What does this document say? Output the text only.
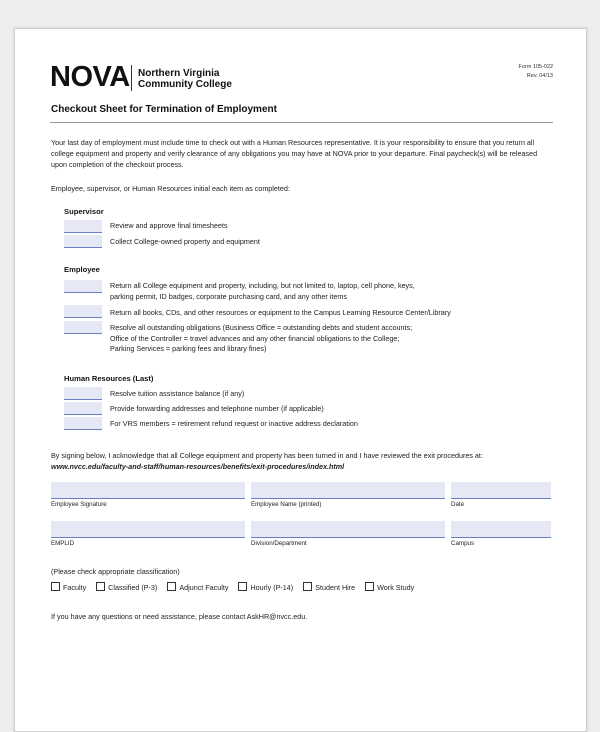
NOVA Northern Virginia
Community College
Form 105-022
Rev. 04/13
Checkout Sheet for Termination of Employment
Your last day of employment must include time to check out with a Human Resources representative. It is your responsibility to ensure that you return all college equipment and property and verify clearance of any obligations you may have at NOVA prior to your departure. Final paycheck(s) will be released upon completion of the checkout process.
Employee, supervisor, or Human Resources initial each item as completed:
Supervisor
Review and approve final timesheets
Collect College-owned property and equipment
Employee
Return all College equipment and property, including, but not limited to, laptop, cell phone, keys,
parking permit, ID badges, corporate purchasing card, and any other items
Return all books, CDs, and other resources or equipment to the Campus Learning Resource Center/Library
Resolve all outstanding obligations (Business Office = outstanding debts and student accounts;
Office of the Controller = travel advances and any other financial obligations to the College;
Parking Services = parking fees and library fines)
Human Resources (Last)
Resolve tuition assistance balance (if any)
Provide forwarding addresses and telephone number (if applicable)
For VRS members = retirement refund request or inactive address declaration
By signing below, I acknowledge that all College equipment and property has been turned in and I have reviewed the exit procedures at:
www.nvcc.edu/faculty-and-staff/human-resources/benefits/exit-procedures/index.html
Employee Signature	Employee Name (printed)	Date
EMPLID	Division/Department	Campus
(Please check appropriate classification)
Faculty	Classified (P-3)	Adjunct Faculty	Hourly (P-14)	Student Hire	Work Study
If you have any questions or need assistance, please contact AskHR@nvcc.edu.
